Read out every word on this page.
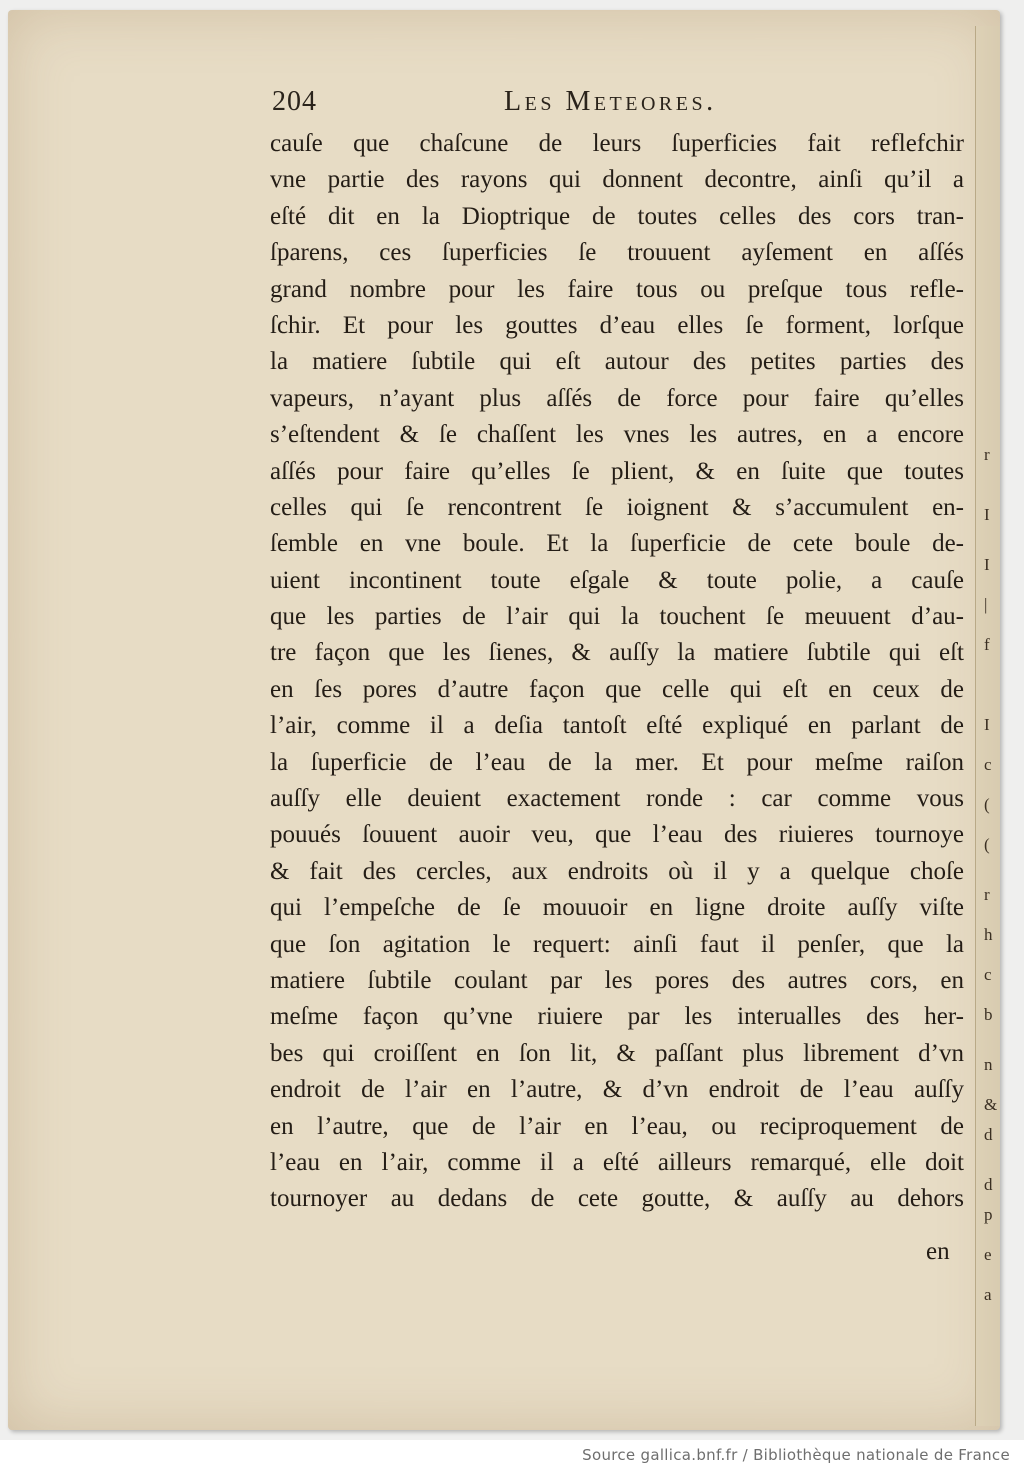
204	Les Meteores.
cauſe que chaſcune de leurs ſuperficies fait reflefchir
vne partie des rayons qui donnent decontre, ainſi qu’il a
eſté dit en la Dioptrique de toutes celles des cors tran-
ſparens, ces ſuperficies ſe trouuent ayſement en aſſés
grand nombre pour les faire tous ou preſque tous refle-
ſchir. Et pour les gouttes d’eau elles ſe forment, lorſque
la matiere ſubtile qui eſt autour des petites parties des
vapeurs, n’ayant plus aſſés de force pour faire qu’elles
s’eſtendent & ſe chaſſent les vnes les autres, en a encore
aſſés pour faire qu’elles ſe plient, & en ſuite que toutes
celles qui ſe rencontrent ſe ioignent & s’accumulent en-
ſemble en vne boule. Et la ſuperficie de cete boule de-
uient incontinent toute eſgale & toute polie, a cauſe
que les parties de l’air qui la touchent ſe meuuent d’au-
tre façon que les ſienes, & auſſy la matiere ſubtile qui eſt
en ſes pores d’autre façon que celle qui eſt en ceux de
l’air, comme il a deſia tantoſt eſté expliqué en parlant de
la ſuperficie de l’eau de la mer. Et pour meſme raiſon
auſſy elle deuient exactement ronde : car comme vous
pouués ſouuent auoir veu, que l’eau des riuieres tournoye
& fait des cercles, aux endroits où il y a quelque choſe
qui l’empeſche de ſe mouuoir en ligne droite auſſy viſte
que ſon agitation le requert: ainſi faut il penſer, que la
matiere ſubtile coulant par les pores des autres cors, en
meſme façon qu’vne riuiere par les interualles des her-
bes qui croiſſent en ſon lit, & paſſant plus librement d’vn
endroit de l’air en l’autre, & d’vn endroit de l’eau auſſy
en l’autre, que de l’air en l’eau, ou reciproquement de
l’eau en l’air, comme il a eſté ailleurs remarqué, elle doit
tournoyer au dedans de cete goutte, & auſſy au dehors
en
r
I
I
|
f
I
c
(
(
r
h
c
b
n
&
d
d
p
e
a
Source gallica.bnf.fr / Bibliothèque nationale de France
